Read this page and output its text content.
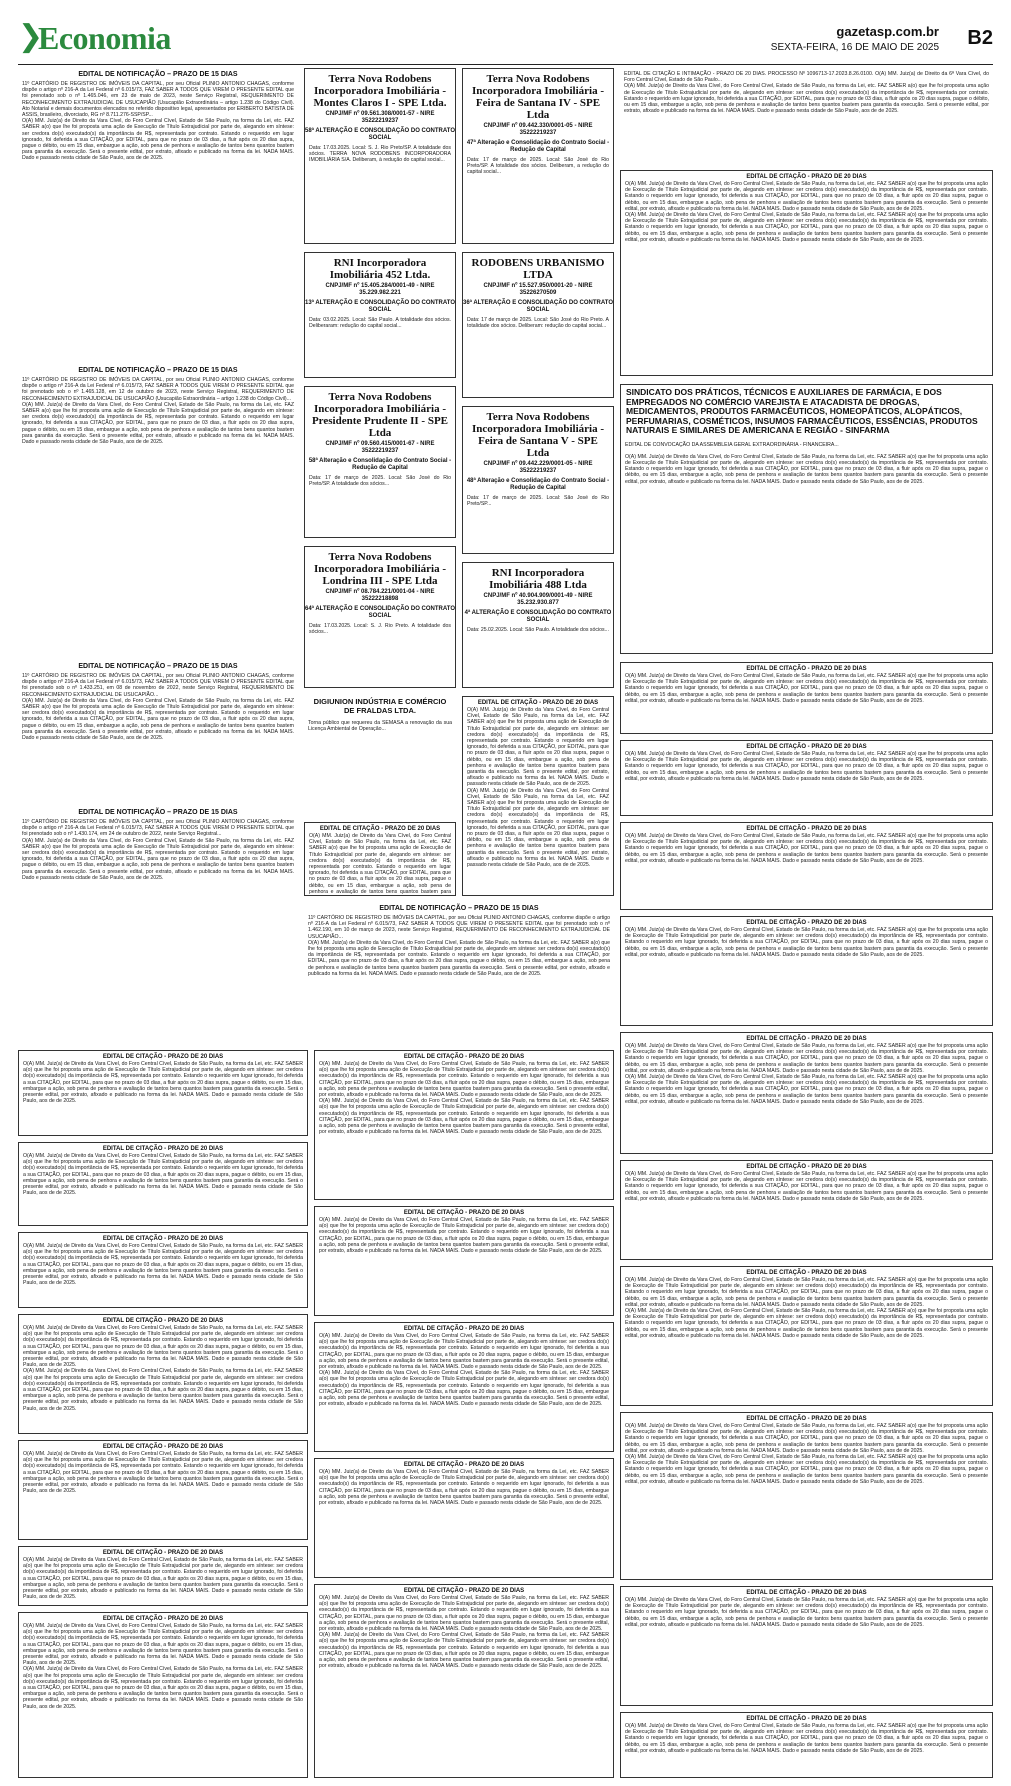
❯
Economia	gazetasp.com.br
SEXTA-FEIRA, 16 DE MAIO DE 2025 B2
EDITAL DE NOTIFICAÇÃO – PRAZO DE 15 DIAS
11º CARTÓRIO DE REGISTRO DE IMÓVEIS DA CAPITAL, por seu Oficial PLINIO ANTONIO CHAGAS, conforme dispõe o artigo nº 216-A da Lei Federal nº 6.015/73, FAZ SABER A TODOS QUE VIREM O PRESENTE EDITAL que foi prenotado sob o nº 1.465.046, em 23 de maio de 2023, neste Serviço Registral, REQUERIMENTO DE RECONHECIMENTO EXTRAJUDICIAL DE USUCAPIÃO (Usucapião Extraordinária – artigo 1.238 do Código Civil). Ato Notarial e demais documentos elencados no referido dispositivo legal, apresentados por ERIBERTO BATISTA DE ASSIS, brasileiro, divorciado, RG nº 8.711.276-SSP/SP...
O(A) MM. Juiz(a) de Direito da Vara Cível, do Foro Central Cível, Estado de São Paulo, na forma da Lei, etc. FAZ SABER a(o) que lhe foi proposta uma ação de Execução de Título Extrajudicial por parte de, alegando em síntese: ser credora do(s) executado(s) da importância de R$, representada por contrato. Estando o requerido em lugar ignorado, foi deferida a sua CITAÇÃO, por EDITAL, para que no prazo de 03 dias, a fluir após os 20 dias supra, pague o débito, ou em 15 dias, embargue a ação, sob pena de penhora e avaliação de tantos bens quantos bastem para garantia da execução. Será o presente edital, por extrato, afixado e publicado na forma da lei. NADA MAIS. Dado e passado nesta cidade de São Paulo, aos de de 2025.
EDITAL DE NOTIFICAÇÃO – PRAZO DE 15 DIAS
11º CARTÓRIO DE REGISTRO DE IMÓVEIS DA CAPITAL, por seu Oficial PLINIO ANTONIO CHAGAS, conforme dispõe o artigo nº 216-A da Lei Federal nº 6.015/73, FAZ SABER A TODOS QUE VIREM O PRESENTE EDITAL que foi prenotado sob o nº 1.465.128, em 12 de outubro de 2023, neste Serviço Registral, REQUERIMENTO DE RECONHECIMENTO EXTRAJUDICIAL DE USUCAPIÃO (Usucapião Extraordinária – artigo 1.238 do Código Civil)...
O(A) MM. Juiz(a) de Direito da Vara Cível, do Foro Central Cível, Estado de São Paulo, na forma da Lei, etc. FAZ SABER a(o) que lhe foi proposta uma ação de Execução de Título Extrajudicial por parte de, alegando em síntese: ser credora do(s) executado(s) da importância de R$, representada por contrato. Estando o requerido em lugar ignorado, foi deferida a sua CITAÇÃO, por EDITAL, para que no prazo de 03 dias, a fluir após os 20 dias supra, pague o débito, ou em 15 dias, embargue a ação, sob pena de penhora e avaliação de tantos bens quantos bastem para garantia da execução. Será o presente edital, por extrato, afixado e publicado na forma da lei. NADA MAIS. Dado e passado nesta cidade de São Paulo, aos de de 2025.
EDITAL DE NOTIFICAÇÃO – PRAZO DE 15 DIAS
11º CARTÓRIO DE REGISTRO DE IMÓVEIS DA CAPITAL, por seu Oficial PLINIO ANTONIO CHAGAS, conforme dispõe o artigo nº 216-A da Lei Federal nº 6.015/73, FAZ SABER A TODOS QUE VIREM O PRESENTE EDITAL que foi prenotado sob o nº 1.433.251, em 08 de novembro de 2022, neste Serviço Registral, REQUERIMENTO DE RECONHECIMENTO EXTRAJUDICIAL DE USUCAPIÃO...
O(A) MM. Juiz(a) de Direito da Vara Cível, do Foro Central Cível, Estado de São Paulo, na forma da Lei, etc. FAZ SABER a(o) que lhe foi proposta uma ação de Execução de Título Extrajudicial por parte de, alegando em síntese: ser credora do(s) executado(s) da importância de R$, representada por contrato. Estando o requerido em lugar ignorado, foi deferida a sua CITAÇÃO, por EDITAL, para que no prazo de 03 dias, a fluir após os 20 dias supra, pague o débito, ou em 15 dias, embargue a ação, sob pena de penhora e avaliação de tantos bens quantos bastem para garantia da execução. Será o presente edital, por extrato, afixado e publicado na forma da lei. NADA MAIS. Dado e passado nesta cidade de São Paulo, aos de de 2025.
EDITAL DE NOTIFICAÇÃO – PRAZO DE 15 DIAS
11º CARTÓRIO DE REGISTRO DE IMÓVEIS DA CAPITAL, por seu Oficial PLINIO ANTONIO CHAGAS, conforme dispõe o artigo nº 216-A da Lei Federal nº 6.015/73, FAZ SABER A TODOS QUE VIREM O PRESENTE EDITAL que foi prenotado sob o nº 1.430.174, em 24 de outubro de 2022, neste Serviço Registral...
O(A) MM. Juiz(a) de Direito da Vara Cível, do Foro Central Cível, Estado de São Paulo, na forma da Lei, etc. FAZ SABER a(o) que lhe foi proposta uma ação de Execução de Título Extrajudicial por parte de, alegando em síntese: ser credora do(s) executado(s) da importância de R$, representada por contrato. Estando o requerido em lugar ignorado, foi deferida a sua CITAÇÃO, por EDITAL, para que no prazo de 03 dias, a fluir após os 20 dias supra, pague o débito, ou em 15 dias, embargue a ação, sob pena de penhora e avaliação de tantos bens quantos bastem para garantia da execução. Será o presente edital, por extrato, afixado e publicado na forma da lei. NADA MAIS. Dado e passado nesta cidade de São Paulo, aos de de 2025.
Terra Nova Rodobens Incorporadora Imobiliária - Montes Claros I - SPE Ltda.
CNPJ/MF nº 09.561.308/0001-57 - NIRE 35222219237
58ª ALTERAÇÃO E CONSOLIDAÇÃO DO CONTRATO SOCIAL
Data: 17.03.2025. Local: S. J. Rio Preto/SP. A totalidade dos sócios. TERRA NOVA RODOBENS INCORPORADORA IMOBILIÁRIA S/A. Deliberam, à redução do capital social...
Terra Nova Rodobens Incorporadora Imobiliária - Feira de Santana IV - SPE Ltda
CNPJ/MF nº 09.442.330/0001-05 - NIRE 35222219237
47ª Alteração e Consolidação do Contrato Social - Redução de Capital
Data: 17 de março de 2025. Local: São José do Rio Preto/SP. A totalidade dos sócios. Deliberam, a redução do capital social...
RNI Incorporadora Imobiliária 452 Ltda.
CNPJ/MF nº 15.405.284/0001-49 - NIRE 35.229.982.221
13ª ALTERAÇÃO E CONSOLIDAÇÃO DO CONTRATO SOCIAL
Data: 03.02.2025. Local: São Paulo. A totalidade dos sócios. Deliberaram: redução do capital social...
RODOBENS URBANISMO LTDA
CNPJ/MF nº 15.527.950/0001-20 - NIRE 35226270509
36ª ALTERAÇÃO E CONSOLIDAÇÃO DO CONTRATO SOCIAL
Data: 17 de março de 2025. Local: São José do Rio Preto. A totalidade dos sócios. Deliberam: redução do capital social...
Terra Nova Rodobens Incorporadora Imobiliária - Presidente Prudente II - SPE Ltda
CNPJ/MF nº 09.560.415/0001-67 - NIRE 35222219237
58ª Alteração e Consolidação do Contrato Social - Redução de Capital
Data: 17 de março de 2025. Local: São José do Rio Preto/SP. A totalidade dos sócios...
Terra Nova Rodobens Incorporadora Imobiliária - Feira de Santana V - SPE Ltda
CNPJ/MF nº 09.442.229/0001-05 - NIRE 35222219237
48ª Alteração e Consolidação do Contrato Social - Redução de Capital
Data: 17 de março de 2025. Local: São José do Rio Preto/SP...
Terra Nova Rodobens Incorporadora Imobiliária - Londrina III - SPE Ltda
CNPJ/MF nº 08.784.221/0001-04 - NIRE 35222218898
64ª ALTERAÇÃO E CONSOLIDAÇÃO DO CONTRATO SOCIAL
Data: 17.03.2025. Local: S. J. Rio Preto. A totalidade dos sócios...
RNI Incorporadora Imobiliária 488 Ltda
CNPJ/MF nº 40.904.909/0001-49 - NIRE 35.232.930.877
4ª ALTERAÇÃO E CONSOLIDAÇÃO DO CONTRATO SOCIAL
Data: 25.02.2025. Local: São Paulo. A totalidade dos sócios...
DIGIUNION INDÚSTRIA E COMÉRCIO DE FRALDAS LTDA.
Torna público que requereu da SEMASA a renovação da sua Licença Ambiental de Operação...
EDITAL DE CITAÇÃO - PRAZO DE 20 DIAS
O(A) MM. Juiz(a) de Direito da Vara Cível, do Foro Central Cível, Estado de São Paulo, na forma da Lei, etc. FAZ SABER a(o) que lhe foi proposta uma ação de Execução de Título Extrajudicial por parte de, alegando em síntese: ser credora do(s) executado(s) da importância de R$, representada por contrato. Estando o requerido em lugar ignorado, foi deferida a sua CITAÇÃO, por EDITAL, para que no prazo de 03 dias, a fluir após os 20 dias supra, pague o débito, ou em 15 dias, embargue a ação, sob pena de penhora e avaliação de tantos bens quantos bastem para
EDITAL DE CITAÇÃO - PRAZO DE 20 DIAS
O(A) MM. Juiz(a) de Direito da Vara Cível, do Foro Central Cível, Estado de São Paulo, na forma da Lei, etc. FAZ SABER a(o) que lhe foi proposta uma ação de Execução de Título Extrajudicial por parte de, alegando em síntese: ser credora do(s) executado(s) da importância de R$, representada por contrato. Estando o requerido em lugar ignorado, foi deferida a sua CITAÇÃO, por EDITAL, para que no prazo de 03 dias, a fluir após os 20 dias supra, pague o débito, ou em 15 dias, embargue a ação, sob pena de penhora e avaliação de tantos bens quantos bastem para garantia da execução. Será o presente edital, por extrato, afixado e publicado na forma da lei. NADA MAIS. Dado e passado nesta cidade de São Paulo, aos de de 2025.
O(A) MM. Juiz(a) de Direito da Vara Cível, do Foro Central Cível, Estado de São Paulo, na forma da Lei, etc. FAZ SABER a(o) que lhe foi proposta uma ação de Execução de Título Extrajudicial por parte de, alegando em síntese: ser credora do(s) executado(s) da importância de R$, representada por contrato. Estando o requerido em lugar ignorado, foi deferida a sua CITAÇÃO, por EDITAL, para que no prazo de 03 dias, a fluir após os 20 dias supra, pague o débito, ou em 15 dias, embargue a ação, sob pena de penhora e avaliação de tantos bens quantos bastem para garantia da execução. Será o presente edital, por extrato, afixado e publicado na forma da lei. NADA MAIS. Dado e passado nesta cidade de São Paulo, aos de de 2025.
EDITAL DE NOTIFICAÇÃO – PRAZO DE 15 DIAS
11º CARTÓRIO DE REGISTRO DE IMÓVEIS DA CAPITAL, por seu Oficial PLINIO ANTONIO CHAGAS, conforme dispõe o artigo nº 216-A da Lei Federal nº 6.015/73, FAZ SABER A TODOS QUE VIREM O PRESENTE EDITAL que foi prenotado sob o nº 1.462.190, em 10 de março de 2023, neste Serviço Registral, REQUERIMENTO DE RECONHECIMENTO EXTRAJUDICIAL DE USUCAPIÃO...
O(A) MM. Juiz(a) de Direito da Vara Cível, do Foro Central Cível, Estado de São Paulo, na forma da Lei, etc. FAZ SABER a(o) que lhe foi proposta uma ação de Execução de Título Extrajudicial por parte de, alegando em síntese: ser credora do(s) executado(s) da importância de R$, representada por contrato. Estando o requerido em lugar ignorado, foi deferida a sua CITAÇÃO, por EDITAL, para que no prazo de 03 dias, a fluir após os 20 dias supra, pague o débito, ou em 15 dias, embargue a ação, sob pena de penhora e avaliação de tantos bens quantos bastem para garantia da execução. Será o presente edital, por extrato, afixado e publicado na forma da lei. NADA MAIS. Dado e passado nesta cidade de São Paulo, aos de de 2025.
EDITAL DE CITAÇÃO E INTIMAÇÃO - PRAZO DE 20 DIAS. PROCESSO Nº 1096713-17.2023.8.26.0100. O(A) MM. Juiz(a) de Direito da 6ª Vara Cível, do Foro Central Cível, Estado de São Paulo...
O(A) MM. Juiz(a) de Direito da Vara Cível, do Foro Central Cível, Estado de São Paulo, na forma da Lei, etc. FAZ SABER a(o) que lhe foi proposta uma ação de Execução de Título Extrajudicial por parte de, alegando em síntese: ser credora do(s) executado(s) da importância de R$, representada por contrato. Estando o requerido em lugar ignorado, foi deferida a sua CITAÇÃO, por EDITAL, para que no prazo de 03 dias, a fluir após os 20 dias supra, pague o débito, ou em 15 dias, embargue a ação, sob pena de penhora e avaliação de tantos bens quantos bastem para garantia da execução. Será o presente edital, por extrato, afixado e publicado na forma da lei. NADA MAIS. Dado e passado nesta cidade de São Paulo, aos de de 2025.
EDITAL DE CITAÇÃO - PRAZO DE 20 DIAS
O(A) MM. Juiz(a) de Direito da Vara Cível, do Foro Central Cível, Estado de São Paulo, na forma da Lei, etc. FAZ SABER a(o) que lhe foi proposta uma ação de Execução de Título Extrajudicial por parte de, alegando em síntese: ser credora do(s) executado(s) da importância de R$, representada por contrato. Estando o requerido em lugar ignorado, foi deferida a sua CITAÇÃO, por EDITAL, para que no prazo de 03 dias, a fluir após os 20 dias supra, pague o débito, ou em 15 dias, embargue a ação, sob pena de penhora e avaliação de tantos bens quantos bastem para garantia da execução. Será o presente edital, por extrato, afixado e publicado na forma da lei. NADA MAIS. Dado e passado nesta cidade de São Paulo, aos de de 2025.
O(A) MM. Juiz(a) de Direito da Vara Cível, do Foro Central Cível, Estado de São Paulo, na forma da Lei, etc. FAZ SABER a(o) que lhe foi proposta uma ação de Execução de Título Extrajudicial por parte de, alegando em síntese: ser credora do(s) executado(s) da importância de R$, representada por contrato. Estando o requerido em lugar ignorado, foi deferida a sua CITAÇÃO, por EDITAL, para que no prazo de 03 dias, a fluir após os 20 dias supra, pague o débito, ou em 15 dias, embargue a ação, sob pena de penhora e avaliação de tantos bens quantos bastem para garantia da execução. Será o presente edital, por extrato, afixado e publicado na forma da lei. NADA MAIS. Dado e passado nesta cidade de São Paulo, aos de de 2025.
SINDICATO DOS PRÁTICOS, TÉCNICOS E AUXILIARES DE FARMÁCIA, E DOS EMPREGADOS NO COMÉRCIO VAREJISTA E ATACADISTA DE DROGAS, MEDICAMENTOS, PRODUTOS FARMACÊUTICOS, HOMEOPÁTICOS, ALOPÁTICOS, PERFUMARIAS, COSMÉTICOS, INSUMOS FARMACÊUTICOS, ESSÊNCIAS, PRODUTOS NATURAIS E SIMILARES DE AMERICANA E REGIÃO - SINFARMA
EDITAL DE CONVOCAÇÃO DA ASSEMBLEIA GERAL EXTRAORDINÁRIA - FINANCEIRA...
O(A) MM. Juiz(a) de Direito da Vara Cível, do Foro Central Cível, Estado de São Paulo, na forma da Lei, etc. FAZ SABER a(o) que lhe foi proposta uma ação de Execução de Título Extrajudicial por parte de, alegando em síntese: ser credora do(s) executado(s) da importância de R$, representada por contrato. Estando o requerido em lugar ignorado, foi deferida a sua CITAÇÃO, por EDITAL, para que no prazo de 03 dias, a fluir após os 20 dias supra, pague o débito, ou em 15 dias, embargue a ação, sob pena de penhora e avaliação de tantos bens quantos bastem para garantia da execução. Será o presente edital, por extrato, afixado e publicado na forma da lei. NADA MAIS. Dado e passado nesta cidade de São Paulo, aos de de 2025.
EDITAL DE CITAÇÃO - PRAZO DE 20 DIAS
O(A) MM. Juiz(a) de Direito da Vara Cível, do Foro Central Cível, Estado de São Paulo, na forma da Lei, etc. FAZ SABER a(o) que lhe foi proposta uma ação de Execução de Título Extrajudicial por parte de, alegando em síntese: ser credora do(s) executado(s) da importância de R$, representada por contrato. Estando o requerido em lugar ignorado, foi deferida a sua CITAÇÃO, por EDITAL, para que no prazo de 03 dias, a fluir após os 20 dias supra, pague o débito, ou em 15 dias, embargue a ação, sob pena de penhora e avaliação de tantos bens quantos bastem para garantia da execução. Será o presente edital, por extrato, afixado e publicado na forma da lei. NADA MAIS. Dado e passado nesta cidade de São Paulo, aos de de 2025.
EDITAL DE CITAÇÃO - PRAZO DE 20 DIAS
O(A) MM. Juiz(a) de Direito da Vara Cível, do Foro Central Cível, Estado de São Paulo, na forma da Lei, etc. FAZ SABER a(o) que lhe foi proposta uma ação de Execução de Título Extrajudicial por parte de, alegando em síntese: ser credora do(s) executado(s) da importância de R$, representada por contrato. Estando o requerido em lugar ignorado, foi deferida a sua CITAÇÃO, por EDITAL, para que no prazo de 03 dias, a fluir após os 20 dias supra, pague o débito, ou em 15 dias, embargue a ação, sob pena de penhora e avaliação de tantos bens quantos bastem para garantia da execução. Será o presente edital, por extrato, afixado e publicado na forma da lei. NADA MAIS. Dado e passado nesta cidade de São Paulo, aos de de 2025.
EDITAL DE CITAÇÃO - PRAZO DE 20 DIAS
O(A) MM. Juiz(a) de Direito da Vara Cível, do Foro Central Cível, Estado de São Paulo, na forma da Lei, etc. FAZ SABER a(o) que lhe foi proposta uma ação de Execução de Título Extrajudicial por parte de, alegando em síntese: ser credora do(s) executado(s) da importância de R$, representada por contrato. Estando o requerido em lugar ignorado, foi deferida a sua CITAÇÃO, por EDITAL, para que no prazo de 03 dias, a fluir após os 20 dias supra, pague o débito, ou em 15 dias, embargue a ação, sob pena de penhora e avaliação de tantos bens quantos bastem para garantia da execução. Será o presente edital, por extrato, afixado e publicado na forma da lei. NADA MAIS. Dado e passado nesta cidade de São Paulo, aos de de 2025.
EDITAL DE CITAÇÃO - PRAZO DE 20 DIAS
O(A) MM. Juiz(a) de Direito da Vara Cível, do Foro Central Cível, Estado de São Paulo, na forma da Lei, etc. FAZ SABER a(o) que lhe foi proposta uma ação de Execução de Título Extrajudicial por parte de, alegando em síntese: ser credora do(s) executado(s) da importância de R$, representada por contrato. Estando o requerido em lugar ignorado, foi deferida a sua CITAÇÃO, por EDITAL, para que no prazo de 03 dias, a fluir após os 20 dias supra, pague o débito, ou em 15 dias, embargue a ação, sob pena de penhora e avaliação de tantos bens quantos bastem para garantia da execução. Será o presente edital, por extrato, afixado e publicado na forma da lei. NADA MAIS. Dado e passado nesta cidade de São Paulo, aos de de 2025.
EDITAL DE CITAÇÃO - PRAZO DE 20 DIAS
O(A) MM. Juiz(a) de Direito da Vara Cível, do Foro Central Cível, Estado de São Paulo, na forma da Lei, etc. FAZ SABER a(o) que lhe foi proposta uma ação de Execução de Título Extrajudicial por parte de, alegando em síntese: ser credora do(s) executado(s) da importância de R$, representada por contrato. Estando o requerido em lugar ignorado, foi deferida a sua CITAÇÃO, por EDITAL, para que no prazo de 03 dias, a fluir após os 20 dias supra, pague o débito, ou em 15 dias, embargue a ação, sob pena de penhora e avaliação de tantos bens quantos bastem para garantia da execução. Será o presente edital, por extrato, afixado e publicado na forma da lei. NADA MAIS. Dado e passado nesta cidade de São Paulo, aos de de 2025.
O(A) MM. Juiz(a) de Direito da Vara Cível, do Foro Central Cível, Estado de São Paulo, na forma da Lei, etc. FAZ SABER a(o) que lhe foi proposta uma ação de Execução de Título Extrajudicial por parte de, alegando em síntese: ser credora do(s) executado(s) da importância de R$, representada por contrato. Estando o requerido em lugar ignorado, foi deferida a sua CITAÇÃO, por EDITAL, para que no prazo de 03 dias, a fluir após os 20 dias supra, pague o débito, ou em 15 dias, embargue a ação, sob pena de penhora e avaliação de tantos bens quantos bastem para garantia da execução. Será o presente edital, por extrato, afixado e publicado na forma da lei. NADA MAIS. Dado e passado nesta cidade de São Paulo, aos de de 2025.
EDITAL DE CITAÇÃO - PRAZO DE 20 DIAS
O(A) MM. Juiz(a) de Direito da Vara Cível, do Foro Central Cível, Estado de São Paulo, na forma da Lei, etc. FAZ SABER a(o) que lhe foi proposta uma ação de Execução de Título Extrajudicial por parte de, alegando em síntese: ser credora do(s) executado(s) da importância de R$, representada por contrato. Estando o requerido em lugar ignorado, foi deferida a sua CITAÇÃO, por EDITAL, para que no prazo de 03 dias, a fluir após os 20 dias supra, pague o débito, ou em 15 dias, embargue a ação, sob pena de penhora e avaliação de tantos bens quantos bastem para garantia da execução. Será o presente edital, por extrato, afixado e publicado na forma da lei. NADA MAIS. Dado e passado nesta cidade de São Paulo, aos de de 2025.
EDITAL DE CITAÇÃO - PRAZO DE 20 DIAS
O(A) MM. Juiz(a) de Direito da Vara Cível, do Foro Central Cível, Estado de São Paulo, na forma da Lei, etc. FAZ SABER a(o) que lhe foi proposta uma ação de Execução de Título Extrajudicial por parte de, alegando em síntese: ser credora do(s) executado(s) da importância de R$, representada por contrato. Estando o requerido em lugar ignorado, foi deferida a sua CITAÇÃO, por EDITAL, para que no prazo de 03 dias, a fluir após os 20 dias supra, pague o débito, ou em 15 dias, embargue a ação, sob pena de penhora e avaliação de tantos bens quantos bastem para garantia da execução. Será o presente edital, por extrato, afixado e publicado na forma da lei. NADA MAIS. Dado e passado nesta cidade de São Paulo, aos de de 2025.
EDITAL DE CITAÇÃO - PRAZO DE 20 DIAS
O(A) MM. Juiz(a) de Direito da Vara Cível, do Foro Central Cível, Estado de São Paulo, na forma da Lei, etc. FAZ SABER a(o) que lhe foi proposta uma ação de Execução de Título Extrajudicial por parte de, alegando em síntese: ser credora do(s) executado(s) da importância de R$, representada por contrato. Estando o requerido em lugar ignorado, foi deferida a sua CITAÇÃO, por EDITAL, para que no prazo de 03 dias, a fluir após os 20 dias supra, pague o débito, ou em 15 dias, embargue a ação, sob pena de penhora e avaliação de tantos bens quantos bastem para garantia da execução. Será o presente edital, por extrato, afixado e publicado na forma da lei. NADA MAIS. Dado e passado nesta cidade de São Paulo, aos de de 2025.
EDITAL DE CITAÇÃO - PRAZO DE 20 DIAS
O(A) MM. Juiz(a) de Direito da Vara Cível, do Foro Central Cível, Estado de São Paulo, na forma da Lei, etc. FAZ SABER a(o) que lhe foi proposta uma ação de Execução de Título Extrajudicial por parte de, alegando em síntese: ser credora do(s) executado(s) da importância de R$, representada por contrato. Estando o requerido em lugar ignorado, foi deferida a sua CITAÇÃO, por EDITAL, para que no prazo de 03 dias, a fluir após os 20 dias supra, pague o débito, ou em 15 dias, embargue a ação, sob pena de penhora e avaliação de tantos bens quantos bastem para garantia da execução. Será o presente edital, por extrato, afixado e publicado na forma da lei. NADA MAIS. Dado e passado nesta cidade de São Paulo, aos de de 2025.
O(A) MM. Juiz(a) de Direito da Vara Cível, do Foro Central Cível, Estado de São Paulo, na forma da Lei, etc. FAZ SABER a(o) que lhe foi proposta uma ação de Execução de Título Extrajudicial por parte de, alegando em síntese: ser credora do(s) executado(s) da importância de R$, representada por contrato. Estando o requerido em lugar ignorado, foi deferida a sua CITAÇÃO, por EDITAL, para que no prazo de 03 dias, a fluir após os 20 dias supra, pague o débito, ou em 15 dias, embargue a ação, sob pena de penhora e avaliação de tantos bens quantos bastem para garantia da execução. Será o presente edital, por extrato, afixado e publicado na forma da lei. NADA MAIS. Dado e passado nesta cidade de São Paulo, aos de de 2025.
EDITAL DE CITAÇÃO - PRAZO DE 20 DIAS
O(A) MM. Juiz(a) de Direito da Vara Cível, do Foro Central Cível, Estado de São Paulo, na forma da Lei, etc. FAZ SABER a(o) que lhe foi proposta uma ação de Execução de Título Extrajudicial por parte de, alegando em síntese: ser credora do(s) executado(s) da importância de R$, representada por contrato. Estando o requerido em lugar ignorado, foi deferida a sua CITAÇÃO, por EDITAL, para que no prazo de 03 dias, a fluir após os 20 dias supra, pague o débito, ou em 15 dias, embargue a ação, sob pena de penhora e avaliação de tantos bens quantos bastem para garantia da execução. Será o presente edital, por extrato, afixado e publicado na forma da lei. NADA MAIS. Dado e passado nesta cidade de São Paulo, aos de de 2025.
EDITAL DE CITAÇÃO - PRAZO DE 20 DIAS
O(A) MM. Juiz(a) de Direito da Vara Cível, do Foro Central Cível, Estado de São Paulo, na forma da Lei, etc. FAZ SABER a(o) que lhe foi proposta uma ação de Execução de Título Extrajudicial por parte de, alegando em síntese: ser credora do(s) executado(s) da importância de R$, representada por contrato. Estando o requerido em lugar ignorado, foi deferida a sua CITAÇÃO, por EDITAL, para que no prazo de 03 dias, a fluir após os 20 dias supra, pague o débito, ou em 15 dias, embargue a ação, sob pena de penhora e avaliação de tantos bens quantos bastem para garantia da execução. Será o presente edital, por extrato, afixado e publicado na forma da lei. NADA MAIS. Dado e passado nesta cidade de São Paulo, aos de de 2025.
EDITAL DE CITAÇÃO - PRAZO DE 20 DIAS
O(A) MM. Juiz(a) de Direito da Vara Cível, do Foro Central Cível, Estado de São Paulo, na forma da Lei, etc. FAZ SABER a(o) que lhe foi proposta uma ação de Execução de Título Extrajudicial por parte de, alegando em síntese: ser credora do(s) executado(s) da importância de R$, representada por contrato. Estando o requerido em lugar ignorado, foi deferida a sua CITAÇÃO, por EDITAL, para que no prazo de 03 dias, a fluir após os 20 dias supra, pague o débito, ou em 15 dias, embargue a ação, sob pena de penhora e avaliação de tantos bens quantos bastem para garantia da execução. Será o presente edital, por extrato, afixado e publicado na forma da lei. NADA MAIS. Dado e passado nesta cidade de São Paulo, aos de de 2025.
O(A) MM. Juiz(a) de Direito da Vara Cível, do Foro Central Cível, Estado de São Paulo, na forma da Lei, etc. FAZ SABER a(o) que lhe foi proposta uma ação de Execução de Título Extrajudicial por parte de, alegando em síntese: ser credora do(s) executado(s) da importância de R$, representada por contrato. Estando o requerido em lugar ignorado, foi deferida a sua CITAÇÃO, por EDITAL, para que no prazo de 03 dias, a fluir após os 20 dias supra, pague o débito, ou em 15 dias, embargue a ação, sob pena de penhora e avaliação de tantos bens quantos bastem para garantia da execução. Será o presente edital, por extrato, afixado e publicado na forma da lei. NADA MAIS. Dado e passado nesta cidade de São Paulo, aos de de 2025.
EDITAL DE CITAÇÃO - PRAZO DE 20 DIAS
O(A) MM. Juiz(a) de Direito da Vara Cível, do Foro Central Cível, Estado de São Paulo, na forma da Lei, etc. FAZ SABER a(o) que lhe foi proposta uma ação de Execução de Título Extrajudicial por parte de, alegando em síntese: ser credora do(s) executado(s) da importância de R$, representada por contrato. Estando o requerido em lugar ignorado, foi deferida a sua CITAÇÃO, por EDITAL, para que no prazo de 03 dias, a fluir após os 20 dias supra, pague o débito, ou em 15 dias, embargue a ação, sob pena de penhora e avaliação de tantos bens quantos bastem para garantia da execução. Será o presente edital, por extrato, afixado e publicado na forma da lei. NADA MAIS. Dado e passado nesta cidade de São Paulo, aos de de 2025.
O(A) MM. Juiz(a) de Direito da Vara Cível, do Foro Central Cível, Estado de São Paulo, na forma da Lei, etc. FAZ SABER a(o) que lhe foi proposta uma ação de Execução de Título Extrajudicial por parte de, alegando em síntese: ser credora do(s) executado(s) da importância de R$, representada por contrato. Estando o requerido em lugar ignorado, foi deferida a sua CITAÇÃO, por EDITAL, para que no prazo de 03 dias, a fluir após os 20 dias supra, pague o débito, ou em 15 dias, embargue a ação, sob pena de penhora e avaliação de tantos bens quantos bastem para garantia da execução. Será o presente edital, por extrato, afixado e publicado na forma da lei. NADA MAIS. Dado e passado nesta cidade de São Paulo, aos de de 2025.
EDITAL DE CITAÇÃO - PRAZO DE 20 DIAS
O(A) MM. Juiz(a) de Direito da Vara Cível, do Foro Central Cível, Estado de São Paulo, na forma da Lei, etc. FAZ SABER a(o) que lhe foi proposta uma ação de Execução de Título Extrajudicial por parte de, alegando em síntese: ser credora do(s) executado(s) da importância de R$, representada por contrato. Estando o requerido em lugar ignorado, foi deferida a sua CITAÇÃO, por EDITAL, para que no prazo de 03 dias, a fluir após os 20 dias supra, pague o débito, ou em 15 dias, embargue a ação, sob pena de penhora e avaliação de tantos bens quantos bastem para garantia da execução. Será o presente edital, por extrato, afixado e publicado na forma da lei. NADA MAIS. Dado e passado nesta cidade de São Paulo, aos de de 2025.
EDITAL DE CITAÇÃO - PRAZO DE 20 DIAS
O(A) MM. Juiz(a) de Direito da Vara Cível, do Foro Central Cível, Estado de São Paulo, na forma da Lei, etc. FAZ SABER a(o) que lhe foi proposta uma ação de Execução de Título Extrajudicial por parte de, alegando em síntese: ser credora do(s) executado(s) da importância de R$, representada por contrato. Estando o requerido em lugar ignorado, foi deferida a sua CITAÇÃO, por EDITAL, para que no prazo de 03 dias, a fluir após os 20 dias supra, pague o débito, ou em 15 dias, embargue a ação, sob pena de penhora e avaliação de tantos bens quantos bastem para garantia da execução. Será o presente edital, por extrato, afixado e publicado na forma da lei. NADA MAIS. Dado e passado nesta cidade de São Paulo, aos de de 2025.
O(A) MM. Juiz(a) de Direito da Vara Cível, do Foro Central Cível, Estado de São Paulo, na forma da Lei, etc. FAZ SABER a(o) que lhe foi proposta uma ação de Execução de Título Extrajudicial por parte de, alegando em síntese: ser credora do(s) executado(s) da importância de R$, representada por contrato. Estando o requerido em lugar ignorado, foi deferida a sua CITAÇÃO, por EDITAL, para que no prazo de 03 dias, a fluir após os 20 dias supra, pague o débito, ou em 15 dias, embargue a ação, sob pena de penhora e avaliação de tantos bens quantos bastem para garantia da execução. Será o presente edital, por extrato, afixado e publicado na forma da lei. NADA MAIS. Dado e passado nesta cidade de São Paulo, aos de de 2025.
EDITAL DE CITAÇÃO - PRAZO DE 20 DIAS
O(A) MM. Juiz(a) de Direito da Vara Cível, do Foro Central Cível, Estado de São Paulo, na forma da Lei, etc. FAZ SABER a(o) que lhe foi proposta uma ação de Execução de Título Extrajudicial por parte de, alegando em síntese: ser credora do(s) executado(s) da importância de R$, representada por contrato. Estando o requerido em lugar ignorado, foi deferida a sua CITAÇÃO, por EDITAL, para que no prazo de 03 dias, a fluir após os 20 dias supra, pague o débito, ou em 15 dias, embargue a ação, sob pena de penhora e avaliação de tantos bens quantos bastem para garantia da execução. Será o presente edital, por extrato, afixado e publicado na forma da lei. NADA MAIS. Dado e passado nesta cidade de São Paulo, aos de de 2025.
EDITAL DE CITAÇÃO - PRAZO DE 20 DIAS
O(A) MM. Juiz(a) de Direito da Vara Cível, do Foro Central Cível, Estado de São Paulo, na forma da Lei, etc. FAZ SABER a(o) que lhe foi proposta uma ação de Execução de Título Extrajudicial por parte de, alegando em síntese: ser credora do(s) executado(s) da importância de R$, representada por contrato. Estando o requerido em lugar ignorado, foi deferida a sua CITAÇÃO, por EDITAL, para que no prazo de 03 dias, a fluir após os 20 dias supra, pague o débito, ou em 15 dias, embargue a ação, sob pena de penhora e avaliação de tantos bens quantos bastem para garantia da execução. Será o presente edital, por extrato, afixado e publicado na forma da lei. NADA MAIS. Dado e passado nesta cidade de São Paulo, aos de de 2025.
O(A) MM. Juiz(a) de Direito da Vara Cível, do Foro Central Cível, Estado de São Paulo, na forma da Lei, etc. FAZ SABER a(o) que lhe foi proposta uma ação de Execução de Título Extrajudicial por parte de, alegando em síntese: ser credora do(s) executado(s) da importância de R$, representada por contrato. Estando o requerido em lugar ignorado, foi deferida a sua CITAÇÃO, por EDITAL, para que no prazo de 03 dias, a fluir após os 20 dias supra, pague o débito, ou em 15 dias, embargue a ação, sob pena de penhora e avaliação de tantos bens quantos bastem para garantia da execução. Será o presente edital, por extrato, afixado e publicado na forma da lei. NADA MAIS. Dado e passado nesta cidade de São Paulo, aos de de 2025.
EDITAL DE CITAÇÃO - PRAZO DE 20 DIAS
O(A) MM. Juiz(a) de Direito da Vara Cível, do Foro Central Cível, Estado de São Paulo, na forma da Lei, etc. FAZ SABER a(o) que lhe foi proposta uma ação de Execução de Título Extrajudicial por parte de, alegando em síntese: ser credora do(s) executado(s) da importância de R$, representada por contrato. Estando o requerido em lugar ignorado, foi deferida a sua CITAÇÃO, por EDITAL, para que no prazo de 03 dias, a fluir após os 20 dias supra, pague o débito, ou em 15 dias, embargue a ação, sob pena de penhora e avaliação de tantos bens quantos bastem para garantia da execução. Será o presente edital, por extrato, afixado e publicado na forma da lei. NADA MAIS. Dado e passado nesta cidade de São Paulo, aos de de 2025.
EDITAL DE CITAÇÃO - PRAZO DE 20 DIAS
O(A) MM. Juiz(a) de Direito da Vara Cível, do Foro Central Cível, Estado de São Paulo, na forma da Lei, etc. FAZ SABER a(o) que lhe foi proposta uma ação de Execução de Título Extrajudicial por parte de, alegando em síntese: ser credora do(s) executado(s) da importância de R$, representada por contrato. Estando o requerido em lugar ignorado, foi deferida a sua CITAÇÃO, por EDITAL, para que no prazo de 03 dias, a fluir após os 20 dias supra, pague o débito, ou em 15 dias, embargue a ação, sob pena de penhora e avaliação de tantos bens quantos bastem para garantia da execução. Será o presente edital, por extrato, afixado e publicado na forma da lei. NADA MAIS. Dado e passado nesta cidade de São Paulo, aos de de 2025.
O(A) MM. Juiz(a) de Direito da Vara Cível, do Foro Central Cível, Estado de São Paulo, na forma da Lei, etc. FAZ SABER a(o) que lhe foi proposta uma ação de Execução de Título Extrajudicial por parte de, alegando em síntese: ser credora do(s) executado(s) da importância de R$, representada por contrato. Estando o requerido em lugar ignorado, foi deferida a sua CITAÇÃO, por EDITAL, para que no prazo de 03 dias, a fluir após os 20 dias supra, pague o débito, ou em 15 dias, embargue a ação, sob pena de penhora e avaliação de tantos bens quantos bastem para garantia da execução. Será o presente edital, por extrato, afixado e publicado na forma da lei. NADA MAIS. Dado e passado nesta cidade de São Paulo, aos de de 2025.
EDITAL DE CITAÇÃO - PRAZO DE 20 DIAS
O(A) MM. Juiz(a) de Direito da Vara Cível, do Foro Central Cível, Estado de São Paulo, na forma da Lei, etc. FAZ SABER a(o) que lhe foi proposta uma ação de Execução de Título Extrajudicial por parte de, alegando em síntese: ser credora do(s) executado(s) da importância de R$, representada por contrato. Estando o requerido em lugar ignorado, foi deferida a sua CITAÇÃO, por EDITAL, para que no prazo de 03 dias, a fluir após os 20 dias supra, pague o débito, ou em 15 dias, embargue a ação, sob pena de penhora e avaliação de tantos bens quantos bastem para garantia da execução. Será o presente edital, por extrato, afixado e publicado na forma da lei. NADA MAIS. Dado e passado nesta cidade de São Paulo, aos de de 2025.
O(A) MM. Juiz(a) de Direito da Vara Cível, do Foro Central Cível, Estado de São Paulo, na forma da Lei, etc. FAZ SABER a(o) que lhe foi proposta uma ação de Execução de Título Extrajudicial por parte de, alegando em síntese: ser credora do(s) executado(s) da importância de R$, representada por contrato. Estando o requerido em lugar ignorado, foi deferida a sua CITAÇÃO, por EDITAL, para que no prazo de 03 dias, a fluir após os 20 dias supra, pague o débito, ou em 15 dias, embargue a ação, sob pena de penhora e avaliação de tantos bens quantos bastem para garantia da execução. Será o presente edital, por extrato, afixado e publicado na forma da lei. NADA MAIS. Dado e passado nesta cidade de São Paulo, aos de de 2025.
EDITAL DE CITAÇÃO - PRAZO DE 20 DIAS
O(A) MM. Juiz(a) de Direito da Vara Cível, do Foro Central Cível, Estado de São Paulo, na forma da Lei, etc. FAZ SABER a(o) que lhe foi proposta uma ação de Execução de Título Extrajudicial por parte de, alegando em síntese: ser credora do(s) executado(s) da importância de R$, representada por contrato. Estando o requerido em lugar ignorado, foi deferida a sua CITAÇÃO, por EDITAL, para que no prazo de 03 dias, a fluir após os 20 dias supra, pague o débito, ou em 15 dias, embargue a ação, sob pena de penhora e avaliação de tantos bens quantos bastem para garantia da execução. Será o presente edital, por extrato, afixado e publicado na forma da lei. NADA MAIS. Dado e passado nesta cidade de São Paulo, aos de de 2025.
EDITAL DE CITAÇÃO - PRAZO DE 20 DIAS
O(A) MM. Juiz(a) de Direito da Vara Cível, do Foro Central Cível, Estado de São Paulo, na forma da Lei, etc. FAZ SABER a(o) que lhe foi proposta uma ação de Execução de Título Extrajudicial por parte de, alegando em síntese: ser credora do(s) executado(s) da importância de R$, representada por contrato. Estando o requerido em lugar ignorado, foi deferida a sua CITAÇÃO, por EDITAL, para que no prazo de 03 dias, a fluir após os 20 dias supra, pague o débito, ou em 15 dias, embargue a ação, sob pena de penhora e avaliação de tantos bens quantos bastem para garantia da execução. Será o presente edital, por extrato, afixado e publicado na forma da lei. NADA MAIS. Dado e passado nesta cidade de São Paulo, aos de de 2025.
